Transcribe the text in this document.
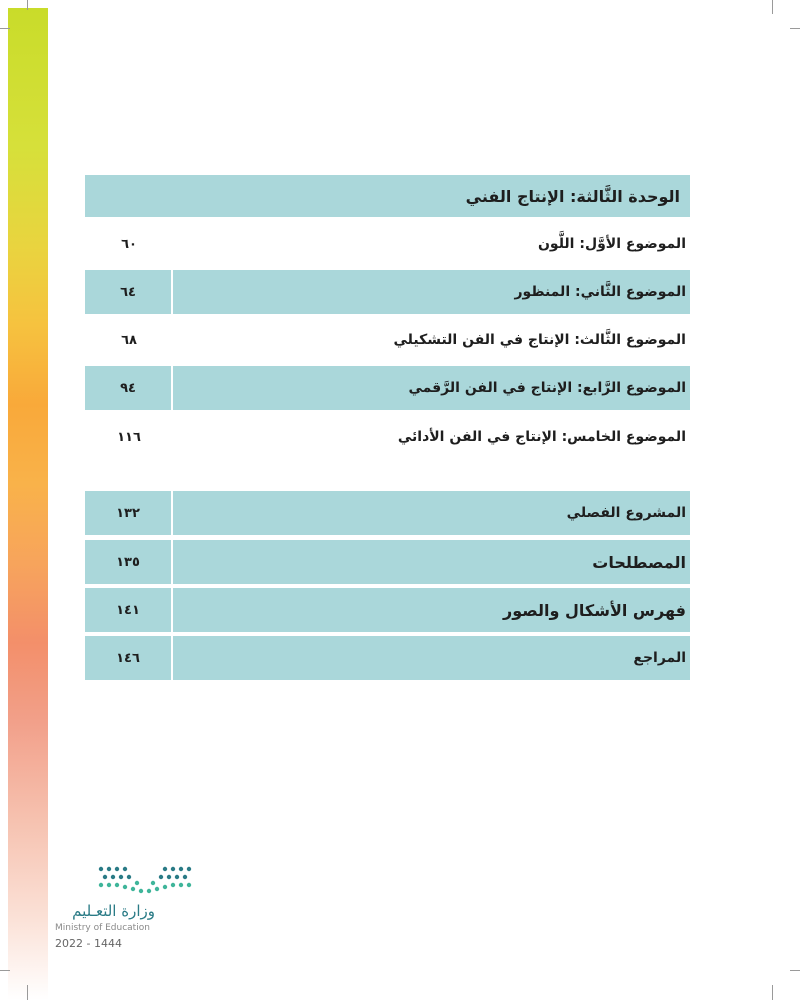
الوحدة الثَّالثة: الإنتاج الفني
٦٠	الموضوع الأوَّل: اللَّون
٦٤	الموضوع الثَّاني: المنظور
٦٨	الموضوع الثَّالث: الإنتاج في الفن التشكيلي
٩٤	الموضوع الرَّابع: الإنتاج في الفن الرَّقمي
١١٦	الموضوع الخامس: الإنتاج في الفن الأدائي
١٣٢	المشروع الفصلي
١٣٥	المصطلحات
١٤١	فهرس الأشكال والصور
١٤٦	المراجع
وزارة التعـليم
Ministry of Education
2022 - 1444
